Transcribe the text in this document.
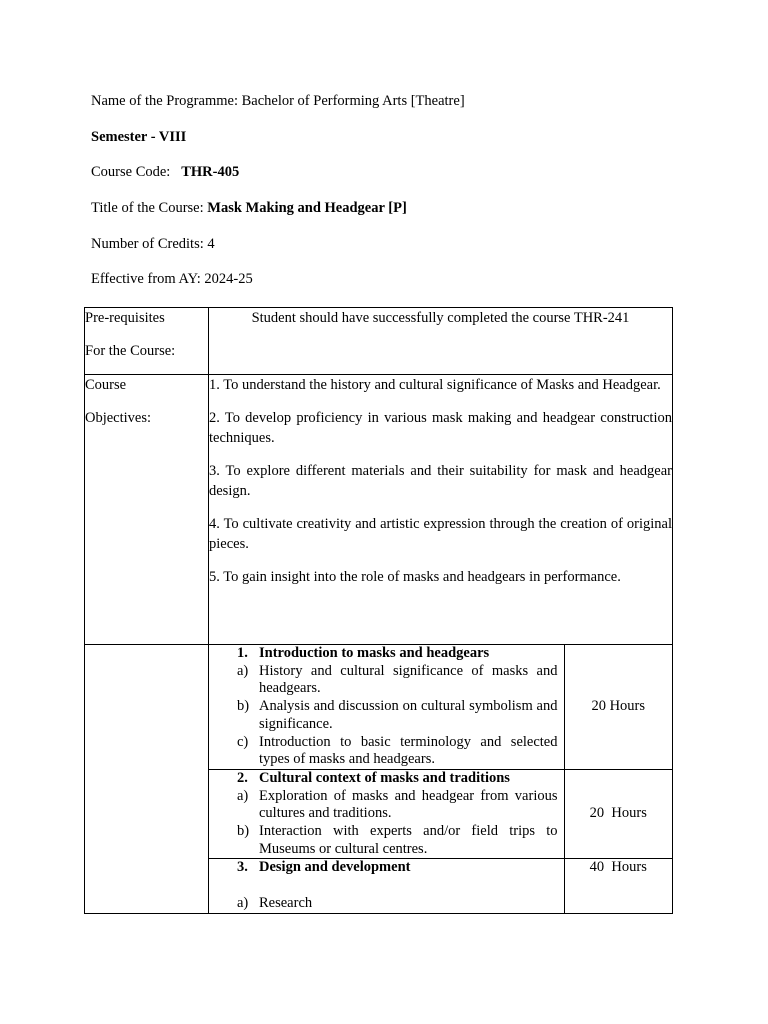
Name of the Programme: Bachelor of Performing Arts [Theatre]
Semester - VIII
Course Code: THR-405
Title of the Course: Mask Making and Headgear [P]
Number of Credits: 4
Effective from AY: 2024-25

Pre-requisites

For the Course:

	Student should have successfully completed the course THR-241

Course

Objectives:

1. To understand the history and cultural significance of Masks and Headgear.

2. To develop proficiency in various mask making and headgear construction techniques.

3. To explore different materials and their suitability for mask and headgear design.

4. To cultivate creativity and artistic expression through the creation of original pieces.

5. To gain insight into the role of masks and headgears in performance.

1. Introduction to masks and headgears
a) History and cultural significance of masks and headgears.
b) Analysis and discussion on cultural symbolism and significance.
c) Introduction to basic terminology and selected types of masks and headgears.
	20 Hours

2. Cultural context of masks and traditions
a) Exploration of masks and headgear from various cultures and traditions.
b) Interaction with experts and/or field trips to Museums or cultural centres.
	20  Hours

3. Design and development
a) Research
	40  Hours
